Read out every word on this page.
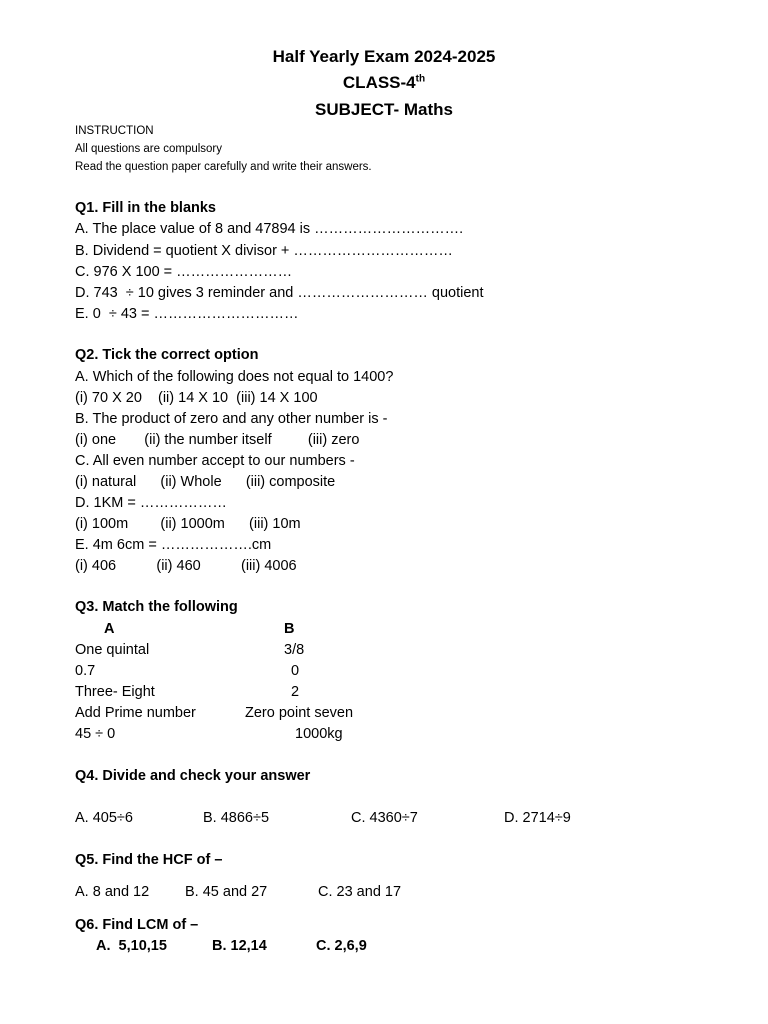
Half Yearly Exam 2024-2025
CLASS-4th
SUBJECT- Maths
INSTRUCTION
All questions are compulsory
Read the question paper carefully and write their answers.
Q1. Fill in the blanks
A. The place value of 8 and 47894 is ………………………….
B. Dividend = quotient X divisor + ……………………………
C. 976 X 100 = ……………………
D. 743  ÷ 10 gives 3 reminder and ……………………… quotient
E. 0  ÷ 43 = …………………………
Q2. Tick the correct option
A. Which of the following does not equal to 1400?
(i) 70 X 20    (ii) 14 X 10  (iii) 14 X 100
B. The product of zero and any other number is -
(i) one       (ii) the number itself         (iii) zero
C. All even number accept to our numbers -
(i) natural      (ii) Whole      (iii) composite
D. 1KM = ………………
(i) 100m        (ii) 1000m      (iii) 10m
E. 4m 6cm = ……………….cm
(i) 406          (ii) 460          (iii) 4006
Q3. Match the following
A	B
One quintal	3/8
0.7	0
Three- Eight	2
Add Prime number	Zero point seven
45 ÷ 0	1000kg
Q4. Divide and check your answer
A. 405÷6	B. 4866÷5	C. 4360÷7	D. 2714÷9
Q5. Find the HCF of –
A. 8 and 12 B. 45 and 27	C. 23 and 17
Q6. Find LCM of –
A.  5,10,15	B. 12,14	C. 2,6,9
